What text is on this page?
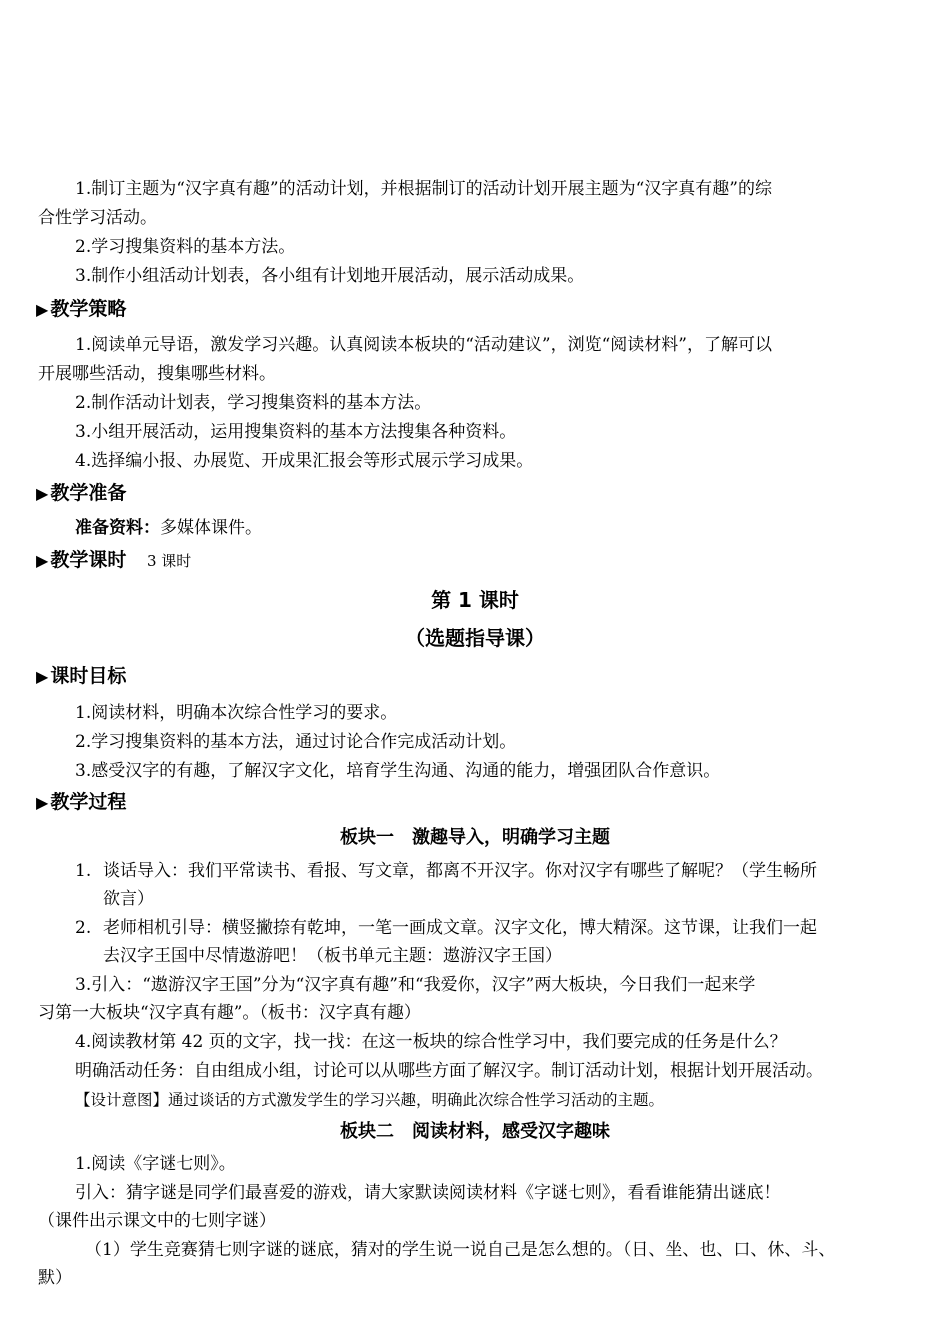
1.制订主题为“汉字真有趣”的活动计划，并根据制订的活动计划开展主题为“汉字真有趣”的综
合性学习活动。
2.学习搜集资料的基本方法。
3.制作小组活动计划表，各小组有计划地开展活动，展示活动成果。
▶ 教学策略
1.阅读单元导语，激发学习兴趣。认真阅读本板块的“活动建议”，浏览“阅读材料”，了解可以
开展哪些活动，搜集哪些材料。
2.制作活动计划表，学习搜集资料的基本方法。
3.小组开展活动，运用搜集资料的基本方法搜集各种资料。
4.选择编小报、办展览、开成果汇报会等形式展示学习成果。
▶ 教学准备
准备资料：多媒体课件。
▶ 教学课时 3 课时
第 1 课时
（选题指导课）
▶ 课时目标
1.阅读材料，明确本次综合性学习的要求。
2.学习搜集资料的基本方法，通过讨论合作完成活动计划。
3.感受汉字的有趣，了解汉字文化，培育学生沟通、沟通的能力，增强团队合作意识。
▶ 教学过程
板块一　激趣导入，明确学习主题
1. 谈话导入：我们平常读书、看报、写文章，都离不开汉字。你对汉字有哪些了解呢？（学生畅所
欲言）
2. 老师相机引导：横竖撇捺有乾坤，一笔一画成文章。汉字文化，博大精深。这节课，让我们一起
去汉字王国中尽情遨游吧！（板书单元主题：遨游汉字王国）
3.引入：“遨游汉字王国”分为“汉字真有趣”和“我爱你，汉字”两大板块，今日我们一起来学
习第一大板块“汉字真有趣”。（板书：汉字真有趣）
4.阅读教材第 42 页的文字，找一找：在这一板块的综合性学习中，我们要完成的任务是什么？
明确活动任务：自由组成小组，讨论可以从哪些方面了解汉字。制订活动计划，根据计划开展活动。
【设计意图】通过谈话的方式激发学生的学习兴趣，明确此次综合性学习活动的主题。
板块二　阅读材料，感受汉字趣味
1.阅读《字谜七则》。
引入：猜字谜是同学们最喜爱的游戏，请大家默读阅读材料《字谜七则》，看看谁能猜出谜底！
（课件出示课文中的七则字谜）
（1）学生竞赛猜七则字谜的谜底，猜对的学生说一说自己是怎么想的。（日、坐、也、口、休、斗、
默）
